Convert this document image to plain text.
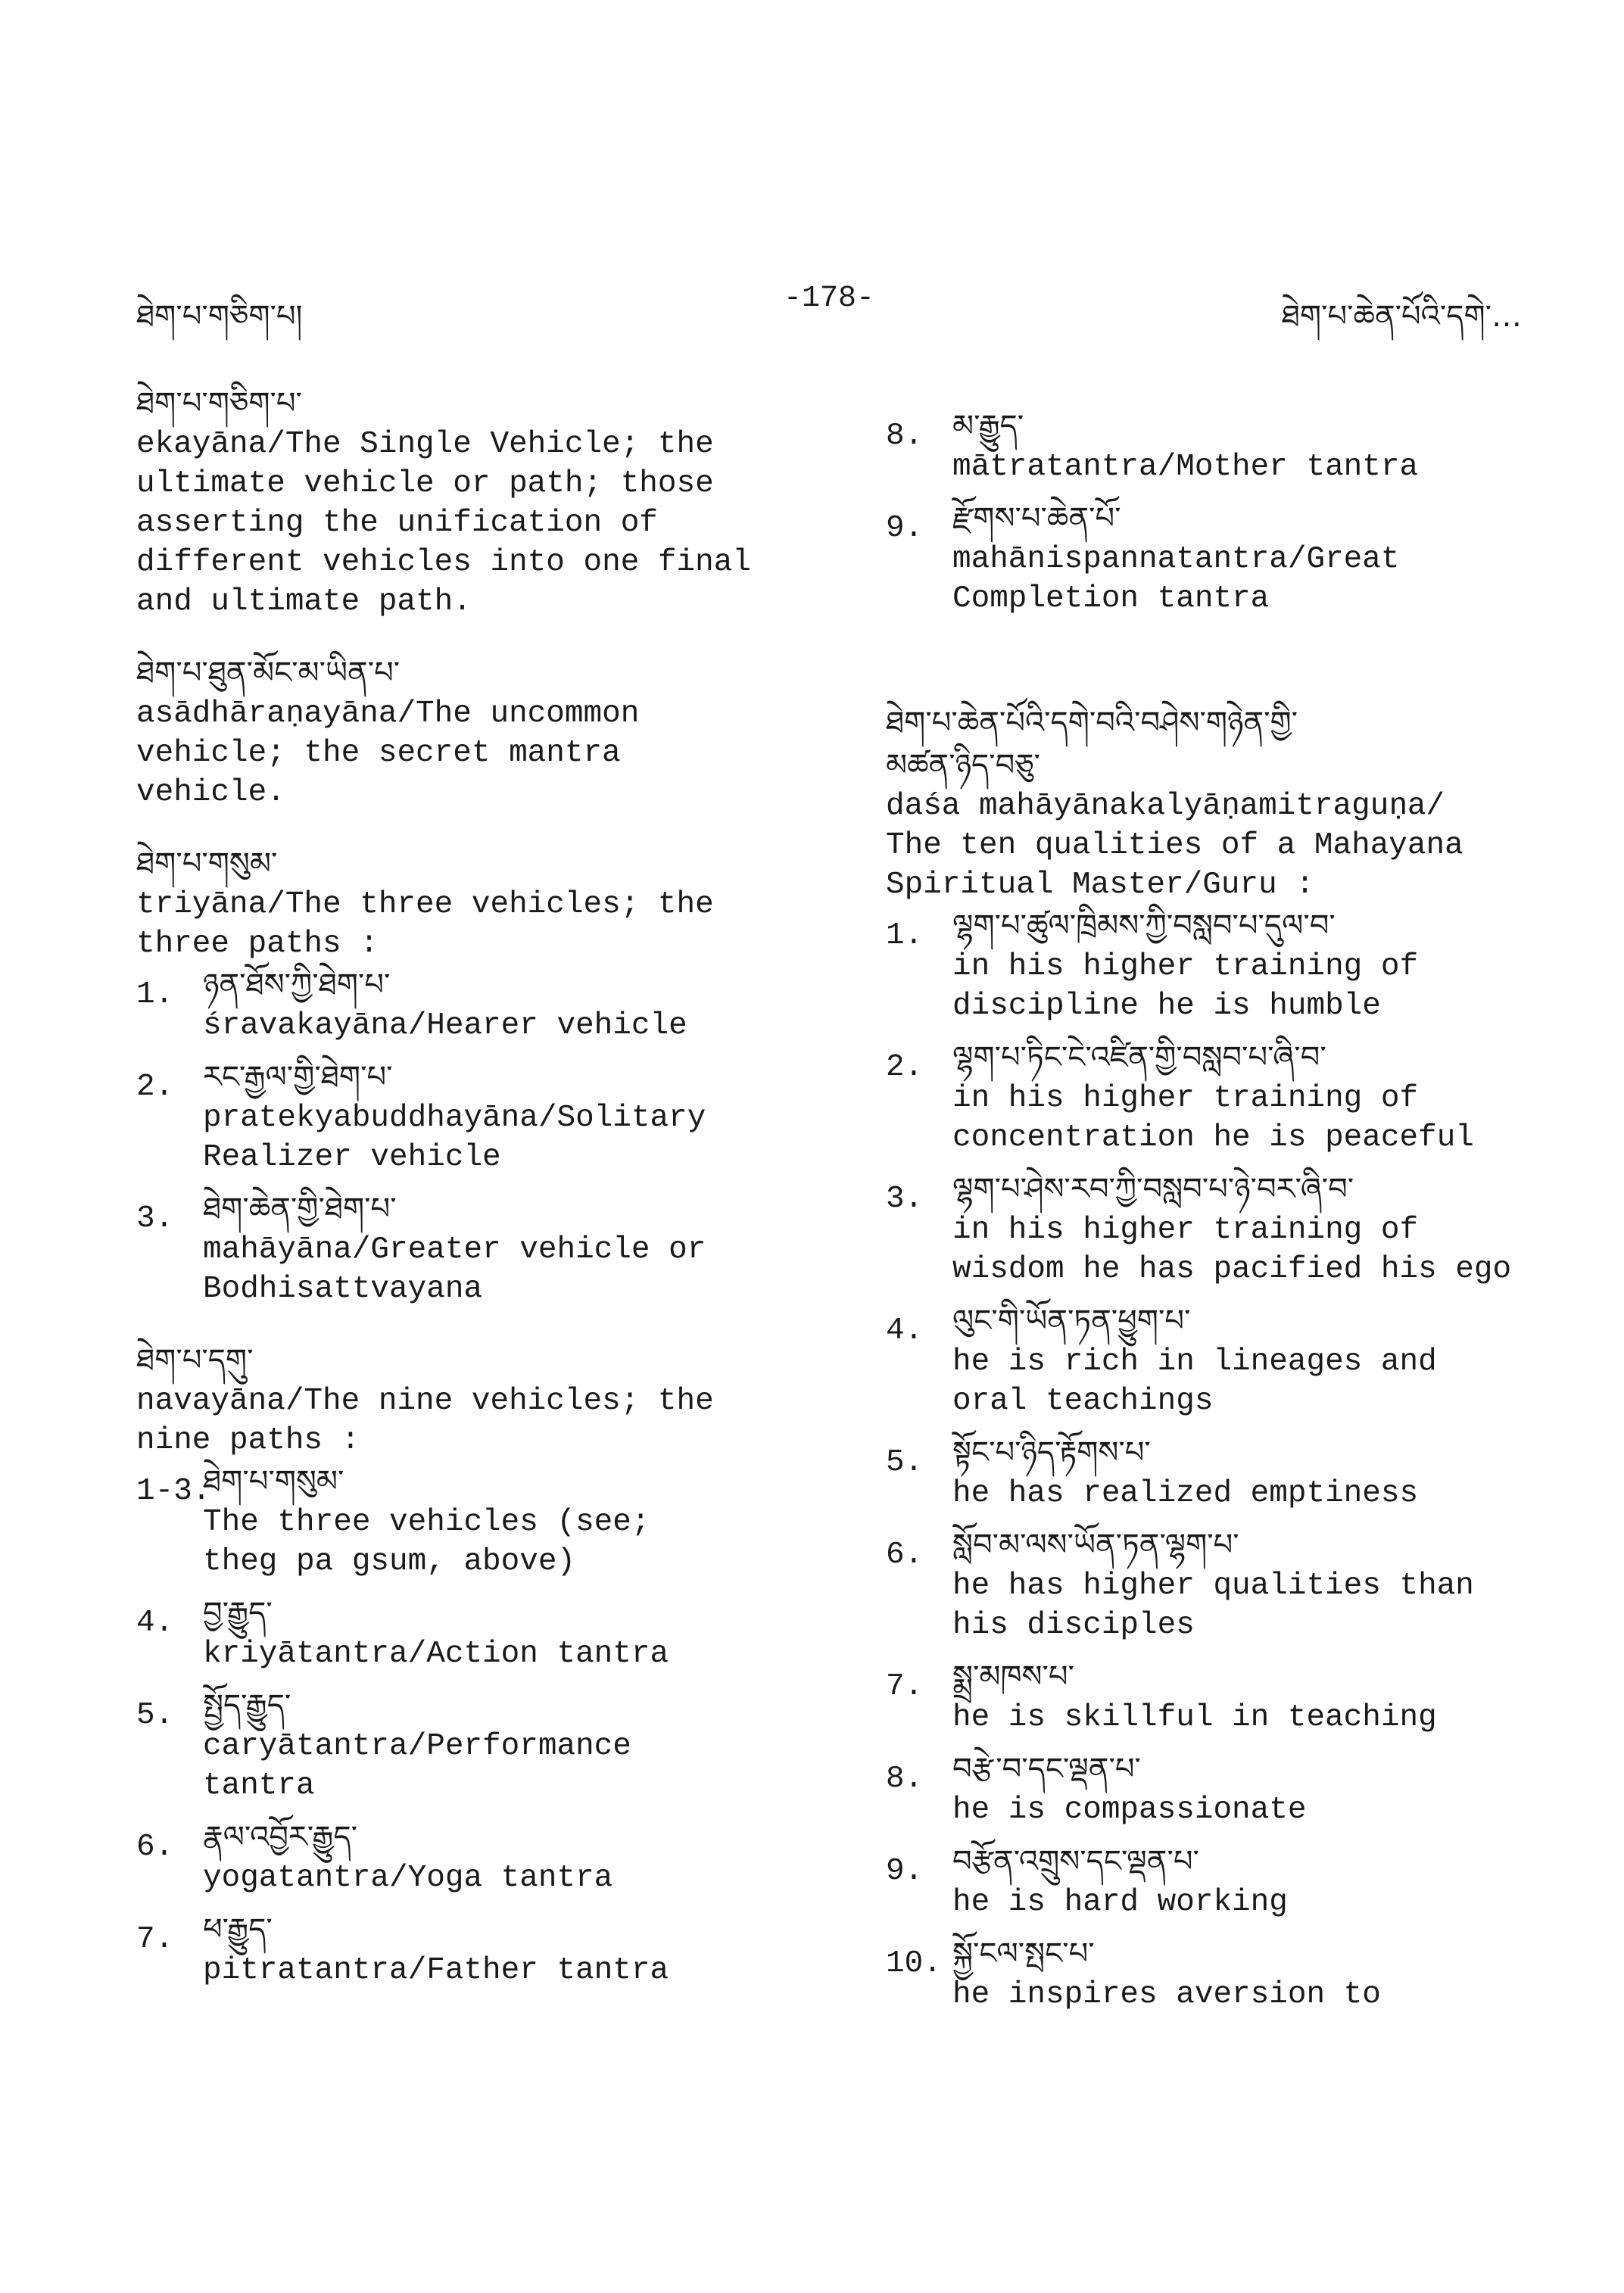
ཐེག་པ་གཅིག་པ།
-178-
ཐེག་པ་ཆེན་པོའི་དགེ་…
ཐེག་པ་གཅིག་པ་
ekayāna/The Single Vehicle; the
ultimate vehicle or path; those
asserting the unification of
different vehicles into one final
and ultimate path.
ཐེག་པ་ཐུན་མོང་མ་ཡིན་པ་
asādhāraṇayāna/The uncommon
vehicle; the secret mantra
vehicle.
ཐེག་པ་གསུམ་
triyāna/The three vehicles; the
three paths :
1. ཉན་ཐོས་ཀྱི་ཐེག་པ་
śravakayāna/Hearer vehicle
2. རང་རྒྱལ་གྱི་ཐེག་པ་
pratekyabuddhayāna/Solitary
Realizer vehicle
3. ཐེག་ཆེན་གྱི་ཐེག་པ་
mahāyāna/Greater vehicle or
Bodhisattvayana
ཐེག་པ་དགུ་
navayāna/The nine vehicles; the
nine paths :
1-3.
ཐེག་པ་གསུམ་
The three vehicles (see;
theg pa gsum, above)
4. བྱ་རྒྱུད་
kriyātantra/Action tantra
5. སྤྱོད་རྒྱུད་
caryātantra/Performance
tantra
6. རྣལ་འབྱོར་རྒྱུད་
yogatantra/Yoga tantra
7. ཕ་རྒྱུད་
pitratantra/Father tantra
8. མ་རྒྱུད་
mātratantra/Mother tantra
9. རྫོགས་པ་ཆེན་པོ་
mahānispannatantra/Great
Completion tantra
ཐེག་པ་ཆེན་པོའི་དགེ་བའི་བཤེས་གཉེན་གྱི་
མཚན་ཉིད་བཅུ་
daśa mahāyānakalyāṇamitraguṇa/
The ten qualities of a Mahayana
Spiritual Master/Guru :
1. ལྷག་པ་ཚུལ་ཁྲིམས་ཀྱི་བསླབ་པ་དུལ་བ་
in his higher training of
discipline he is humble
2. ལྷག་པ་ཏིང་ངེ་འཛིན་གྱི་བསླབ་པ་ཞི་བ་
in his higher training of
concentration he is peaceful
3. ལྷག་པ་ཤེས་རབ་ཀྱི་བསླབ་པ་ཉེ་བར་ཞི་བ་
in his higher training of
wisdom he has pacified his ego
4. ལུང་གི་ཡོན་ཏན་ཕྱུག་པ་
he is rich in lineages and
oral teachings
5. སྟོང་པ་ཉིད་རྟོགས་པ་
he has realized emptiness
6. སློབ་མ་ལས་ཡོན་ཏན་ལྷག་པ་
he has higher qualities than
his disciples
7. སྨྲ་མཁས་པ་
he is skillful in teaching
8. བརྩེ་བ་དང་ལྡན་པ་
he is compassionate
9. བརྩོན་འགྲུས་དང་ལྡན་པ་
he is hard working
10. སྐྱོ་ངལ་སྤང་པ་
he inspires aversion to
